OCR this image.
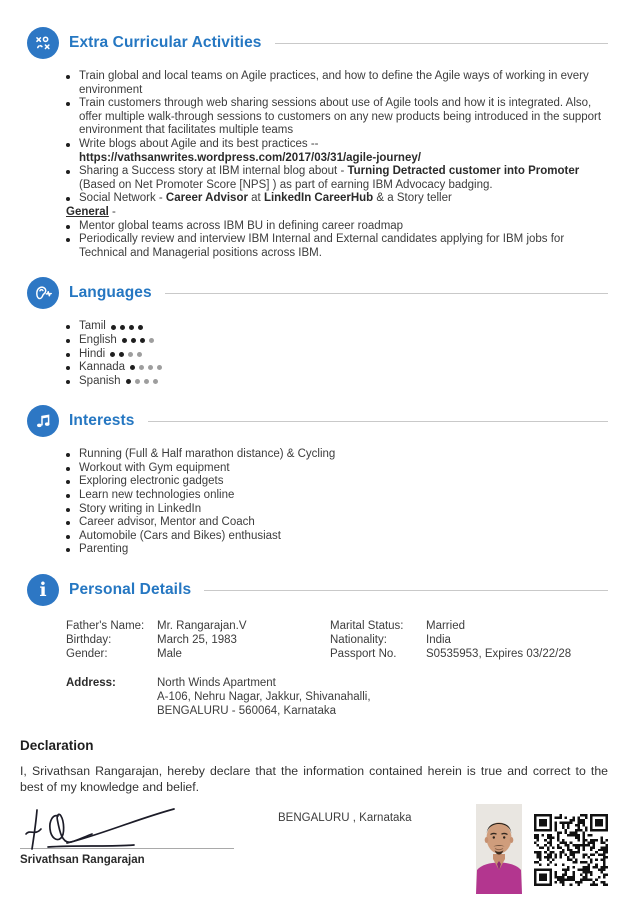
Extra Curricular Activities
Train global and local teams on Agile practices, and how to define the Agile ways of working in every environment
Train customers through web sharing sessions about use of Agile tools and how it is integrated. Also, offer multiple walk-through sessions to customers on any new products being introduced in the support environment that facilitates multiple teams
Write blogs about Agile and its best practices -- https://vathsanwrites.wordpress.com/2017/03/31/agile-journey/
Sharing a Success story at IBM internal blog about - Turning Detracted customer into Promoter (Based on Net Promoter Score [NPS] ) as part of earning IBM Advocacy badging.
Social Network - Career Advisor at LinkedIn CareerHub & a Story teller
General -
Mentor global teams across IBM BU in defining career roadmap
Periodically review and interview IBM Internal and External candidates applying for IBM jobs for Technical and Managerial positions across IBM.
Languages
Tamil
English
Hindi
Kannada
Spanish
Interests
Running (Full & Half marathon distance) & Cycling
Workout with Gym equipment
Exploring electronic gadgets
Learn new technologies online
Story writing in LinkedIn
Career advisor, Mentor and Coach
Automobile (Cars and Bikes) enthusiast
Parenting
i Personal Details
Father's Name:	Mr. Rangarajan.V	Marital Status:	Married
Birthday:	March 25, 1983	Nationality:	India
Gender:	Male	Passport No.	S0535953, Expires 03/22/28
Address:	North Winds Apartment
A-106, Nehru Nagar, Jakkur, Shivanahalli,
BENGALURU - 560064, Karnataka
Declaration
I, Srivathsan Rangarajan, hereby declare that the information contained herein is true and correct to the best of my knowledge and belief.
Srivathsan Rangarajan
BENGALURU , Karnataka
